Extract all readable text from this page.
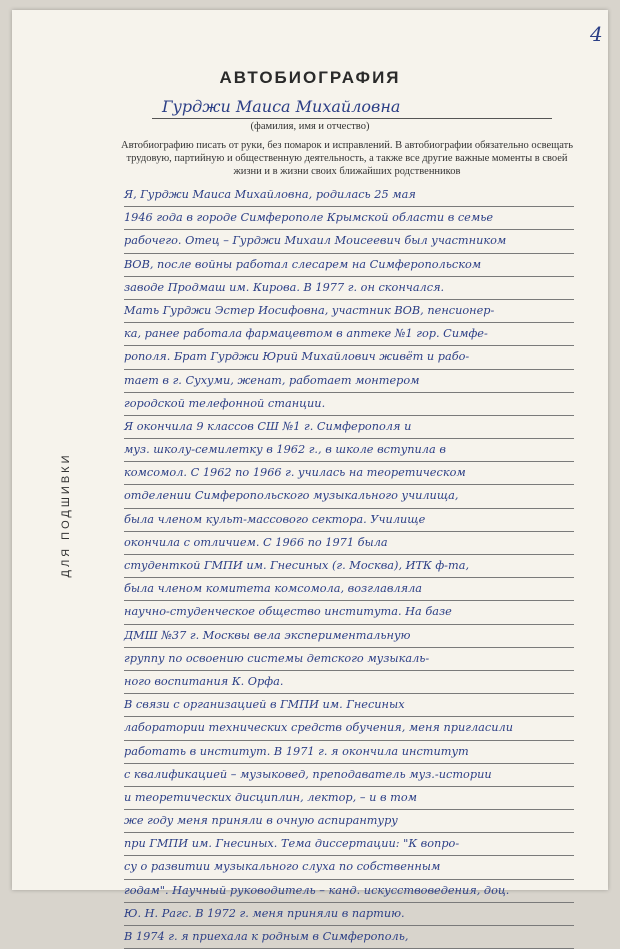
4
АВТОБИОГРАФИЯ
Гурджи Маиса Михайловна
(фамилия, имя и отчество)
Автобиографию писать от руки, без помарок и исправлений. В автобиографии обязательно освещать трудовую, партийную и общественную деятельность, а также все другие важные моменты в своей жизни и в жизни своих ближайших родственников
ДЛЯ ПОДШИВКИ
Я, Гурджи Маиса Михайловна, родилась 25 мая
1946 года в городе Симферополе Крымской области в семье
рабочего. Отец – Гурджи Михаил Моисеевич был участником
ВОВ, после войны работал слесарем на Симферопольском
заводе Продмаш им. Кирова. В 1977 г. он скончался.
Мать Гурджи Эстер Иосифовна, участник ВОВ, пенсионер-
ка, ранее работала фармацевтом в аптеке №1 гор. Симфе-
рополя. Брат Гурджи Юрий Михайлович живёт и рабо-
тает в г. Сухуми, женат, работает монтером
городской телефонной станции.
Я окончила 9 классов СШ №1 г. Симферополя и
муз. школу-семилетку в 1962 г., в школе вступила в
комсомол. С 1962 по 1966 г. училась на теоретическом
отделении Симферопольского музыкального училища,
была членом культ-массового сектора. Училище
окончила с отличием. С 1966 по 1971 была
студенткой ГМПИ им. Гнесиных (г. Москва), ИТК ф-та,
была членом комитета комсомола, возглавляла
научно-студенческое общество института. На базе
ДМШ №37 г. Москвы вела экспериментальную
группу по освоению системы детского музыкаль-
ного воспитания К. Орфа.
В связи с организацией в ГМПИ им. Гнесиных
лаборатории технических средств обучения, меня пригласили
работать в институт. В 1971 г. я окончила институт
с квалификацией – музыковед, преподаватель муз.-истории
и теоретических дисциплин, лектор, – и в том
же году меня приняли в очную аспирантуру
при ГМПИ им. Гнесиных. Тема диссертации: "К вопро-
су о развитии музыкального слуха по собственным
годам". Научный руководитель – канд. искусствоведения, доц.
Ю. Н. Рагс. В 1972 г. меня приняли в партию.
В 1974 г. я приехала к родным в Симферополь,
